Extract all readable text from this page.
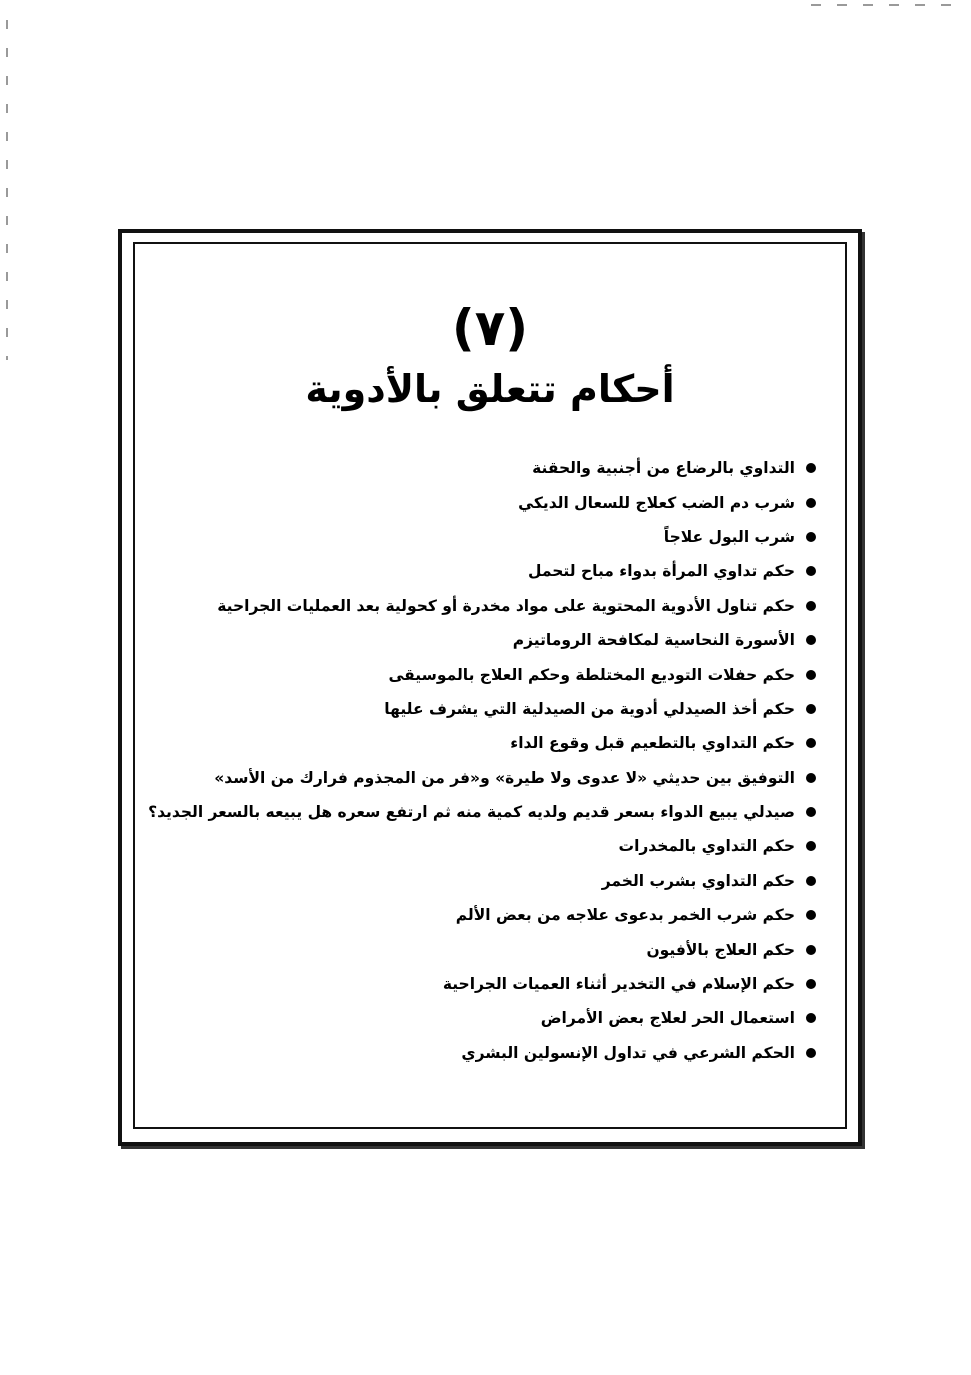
(٧)
أحكام تتعلق بالأدوية
التداوي بالرضاع من أجنبية والحقنة
شرب دم الضب كعلاج للسعال الديكي
شرب البول علاجاً
حكم تداوي المرأة بدواء مباح لتحمل
حكم تناول الأدوية المحتوية على مواد مخدرة أو كحولية بعد العمليات الجراحية
الأسورة النحاسية لمكافحة الروماتيزم
حكم حفلات التوديع المختلطة وحكم العلاج بالموسيقى
حكم أخذ الصيدلي أدوية من الصيدلية التي يشرف عليها
حكم التداوي بالتطعيم قبل وقوع الداء
التوفيق بين حديثي «لا عدوى ولا طيرة» و«فر من المجذوم فرارك من الأسد»
صيدلي يبيع الدواء بسعر قديم ولديه كمية منه ثم ارتفع سعره هل يبيعه بالسعر الجديد؟
حكم التداوي بالمخدرات
حكم التداوي بشرب الخمر
حكم شرب الخمر بدعوى علاجه من بعض الألم
حكم العلاج بالأفيون
حكم الإسلام في التخدير أثناء العميات الجراحية
استعمال الحر لعلاج بعض الأمراض
الحكم الشرعي في تداول الإنسولين البشري
